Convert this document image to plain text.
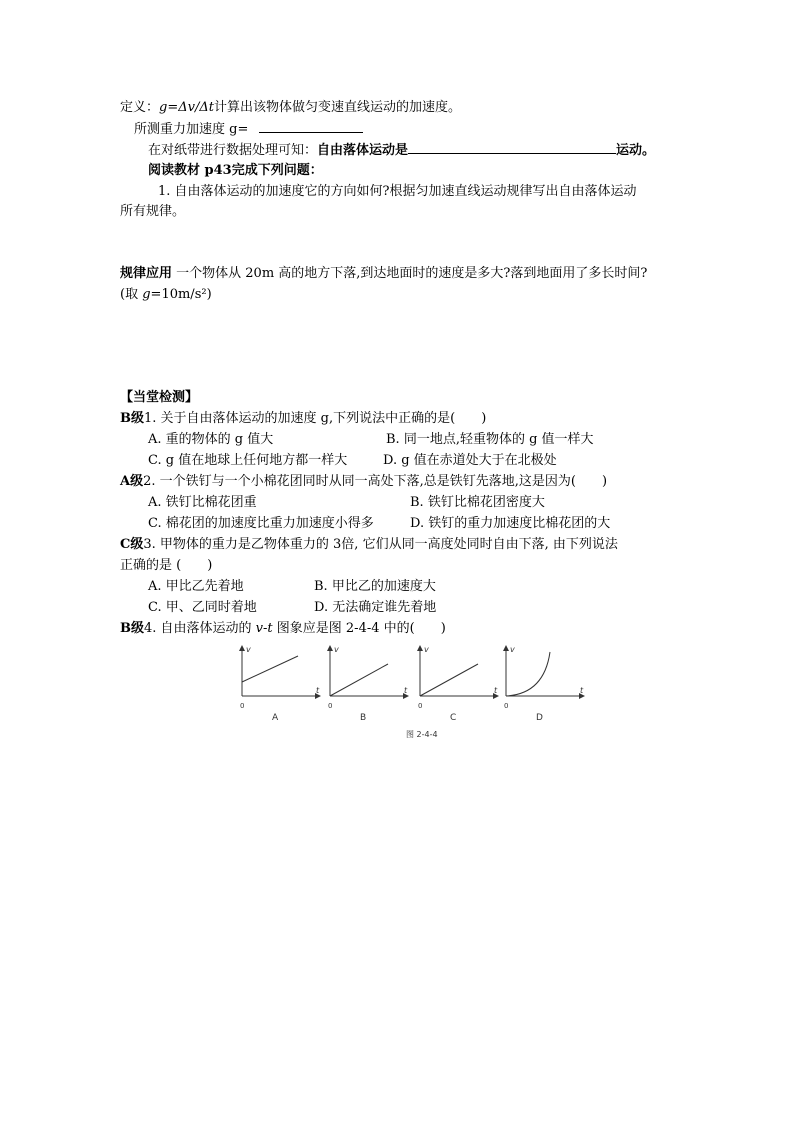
定义：g=Δv/Δt计算出该物体做匀变速直线运动的加速度。
所测重力加速度 g=
在对纸带进行数据处理可知：自由落体运动是	运动。
阅读教材 p43完成下列问题：
1. 自由落体运动的加速度它的方向如何?根据匀加速直线运动规律写出自由落体运动
所有规律。
规律应用 一个物体从 20m 高的地方下落,到达地面时的速度是多大?落到地面用了多长时间?
(取 g=10m/s²)
【当堂检测】
B级1. 关于自由落体运动的加速度 g,下列说法中正确的是(　　)
A. 重的物体的 g 值大	B. 同一地点,轻重物体的 g 值一样大
C. g 值在地球上任何地方都一样大	D. g 值在赤道处大于在北极处
A级2. 一个铁钉与一个小棉花团同时从同一高处下落,总是铁钉先落地,这是因为(　　)
A. 铁钉比棉花团重	B. 铁钉比棉花团密度大
C. 棉花团的加速度比重力加速度小得多	D. 铁钉的重力加速度比棉花团的大
C级3. 甲物体的重力是乙物体重力的 3倍, 它们从同一高度处同时自由下落, 由下列说法
正确的是 (　　)
A. 甲比乙先着地	B. 甲比乙的加速度大
C. 甲、乙同时着地	D. 无法确定谁先着地
B级4. 自由落体运动的 v-t 图象应是图 2-4-4 中的(　　)
v
t
0
A
v
t
0
B
v
t
0
C
v
t
0
D
图 2-4-4
